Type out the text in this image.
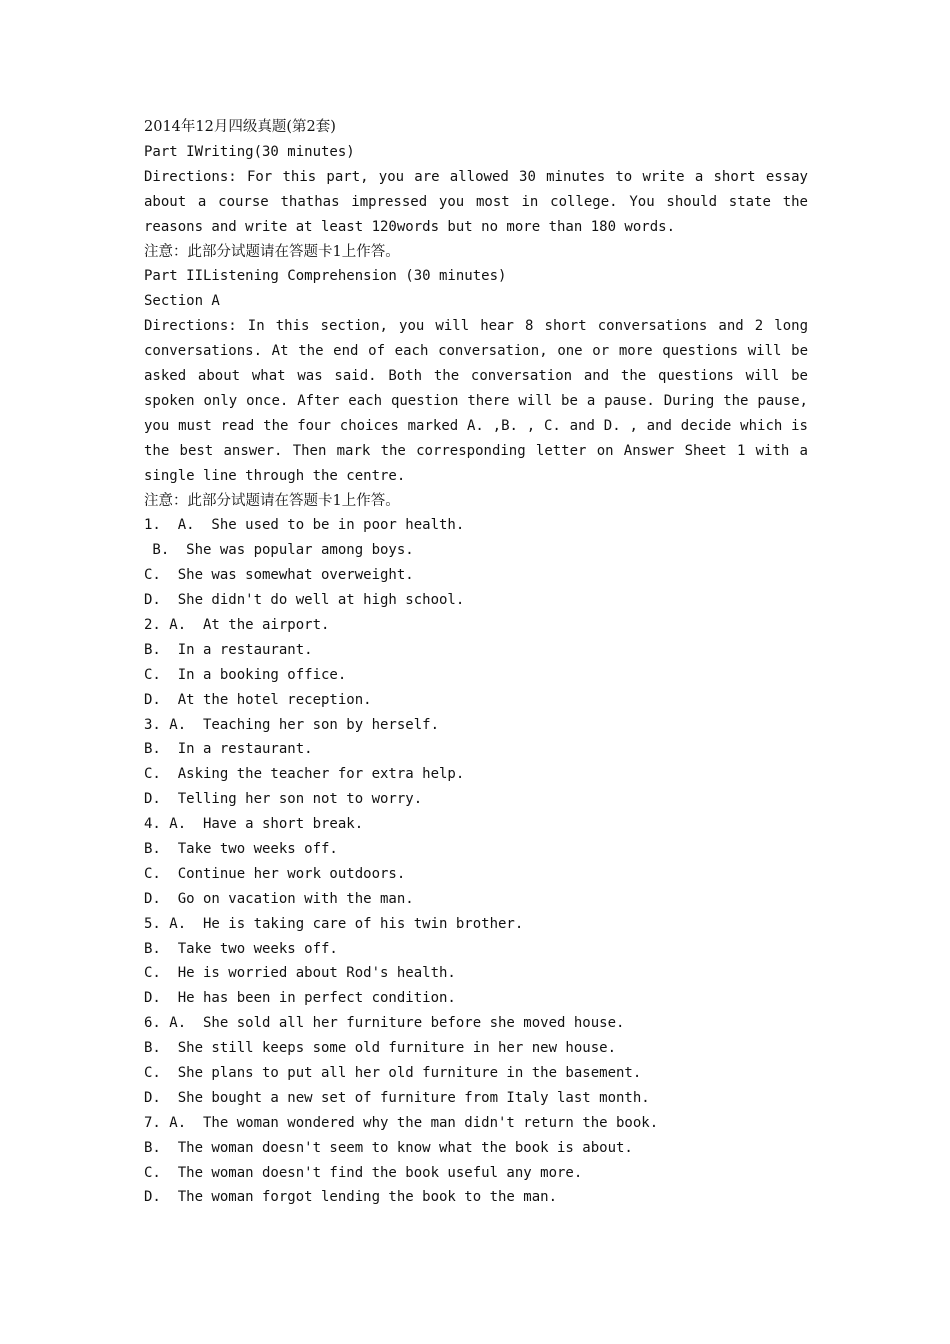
2014年12月四级真题(第2套)
Part IWriting(30 minutes)
Directions: For this part, you are allowed 30 minutes to write a short essay about a course thathas impressed you most in college. You should state the reasons and write at least 120words but no more than 180 words.
注意：此部分试题请在答题卡1上作答。
Part IIListening Comprehension (30 minutes)
Section A
Directions: In this section, you will hear 8 short conversations and 2 long conversations. At the end of each conversation, one or more questions will be asked about what was said. Both the conversation and the questions will be spoken only once. After each question there will be a pause. During the pause, you must read the four choices marked A. ,B. , C. and D. , and decide which is the best answer. Then mark the corresponding letter on Answer Sheet 1 with a single line through the centre.
注意：此部分试题请在答题卡1上作答。
1.  A.  She used to be in poor health.
B.  She was popular among boys.
C.  She was somewhat overweight.
D.  She didn't do well at high school.
2. A.  At the airport.
B.  In a restaurant.
C.  In a booking office.
D.  At the hotel reception.
3. A.  Teaching her son by herself.
B.  In a restaurant.
C.  Asking the teacher for extra help.
D.  Telling her son not to worry.
4. A.  Have a short break.
B.  Take two weeks off.
C.  Continue her work outdoors.
D.  Go on vacation with the man.
5. A.  He is taking care of his twin brother.
B.  Take two weeks off.
C.  He is worried about Rod's health.
D.  He has been in perfect condition.
6. A.  She sold all her furniture before she moved house.
B.  She still keeps some old furniture in her new house.
C.  She plans to put all her old furniture in the basement.
D.  She bought a new set of furniture from Italy last month.
7. A.  The woman wondered why the man didn't return the book.
B.  The woman doesn't seem to know what the book is about.
C.  The woman doesn't find the book useful any more.
D.  The woman forgot lending the book to the man.
